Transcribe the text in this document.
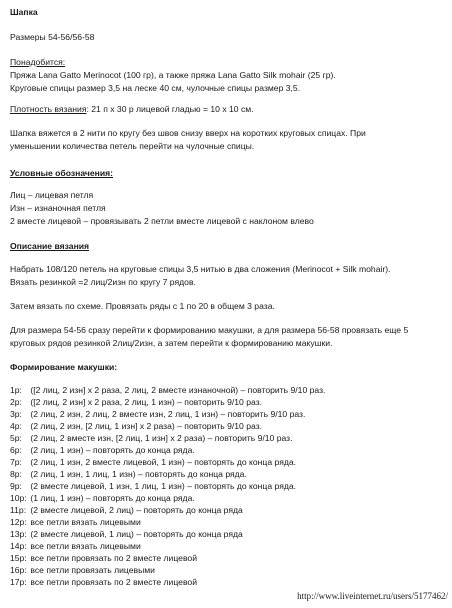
Шапка
Размеры 54-56/56-58
Понадобится:
Пряжа Lana Gatto Merinocot (100 гр), а также пряжа Lana Gatto Silk mohair (25 гр).
Круговые спицы размер 3,5 на леске 40 см, чулочные спицы размер 3,5.
Плотность вязания: 21 п х 30 р лицевой гладью = 10 х 10 см.
Шапка вяжется в 2 нити по кругу без швов снизу вверх на коротких круговых спицах. При
уменьшении количества петель перейти на чулочные спицы.
Условные обозначения:
Лиц – лицевая петля
Изн – изнаночная петля
2 вместе лицевой – провязывать 2 петли вместе лицевой с наклоном влево
Описание вязания
Набрать 108/120 петель на круговые спицы 3,5 нитью в два сложения (Merinocot + Silk mohair).
Вязать резинкой =2 лиц/2изн по кругу 7 рядов.
Затем вязать по схеме. Провязать ряды с 1 по 20 в общем 3 раза.
Для размера 54-56 сразу перейти к формированию макушки, а для размера 56-58 провязать еще 5
круговых рядов резинкой 2лиц/2изн, а затем перейти к формированию макушки.
Формирование макушки:
1р: ([2 лиц, 2 изн] х 2 раза, 2 лиц, 2 вместе изнаночной) – повторить 9/10 раз.
2р: ([2 лиц, 2 изн] х 2 раза, 2 лиц, 1 изн) – повторить 9/10 раз.
3р: (2 лиц, 2 изн, 2 лиц, 2 вместе изн, 2 лиц, 1 изн) – повторить 9/10 раз.
4р: (2 лиц, 2 изн, [2 лиц, 1 изн] х 2 раза) – повторить 9/10 раз.
5р: (2 лиц, 2 вместе изн, [2 лиц, 1 изн] х 2 раза) – повторить 9/10 раз.
6р: (2 лиц, 1 изн) – повторять до конца ряда.
7р: (2 лиц, 1 изн, 2 вместе лицевой, 1 изн) – повторять до конца ряда.
8р: (2 лиц, 1 изн, 1 лиц, 1 изн) – повторять до конца ряда.
9р: (2 вместе лицевой, 1 изн, 1 лиц, 1 изн) – повторять до конца ряда.
10р: (1 лиц, 1 изн) – повторять до конца ряда.
11р: (2 вместе лицевой, 2 лиц) – повторять до конца ряда
12р: все петли вязать лицевыми
13р: (2 вместе лицевой, 1 лиц) – повторять до конца ряда
14р: все петли вязать лицевыми
15р: все петли провязать по 2 вместе лицевой
16р: все петли провязать лицевыми
17р: все петли провязать по 2 вместе лицевой
http://www.liveinternet.ru/users/5177462/
